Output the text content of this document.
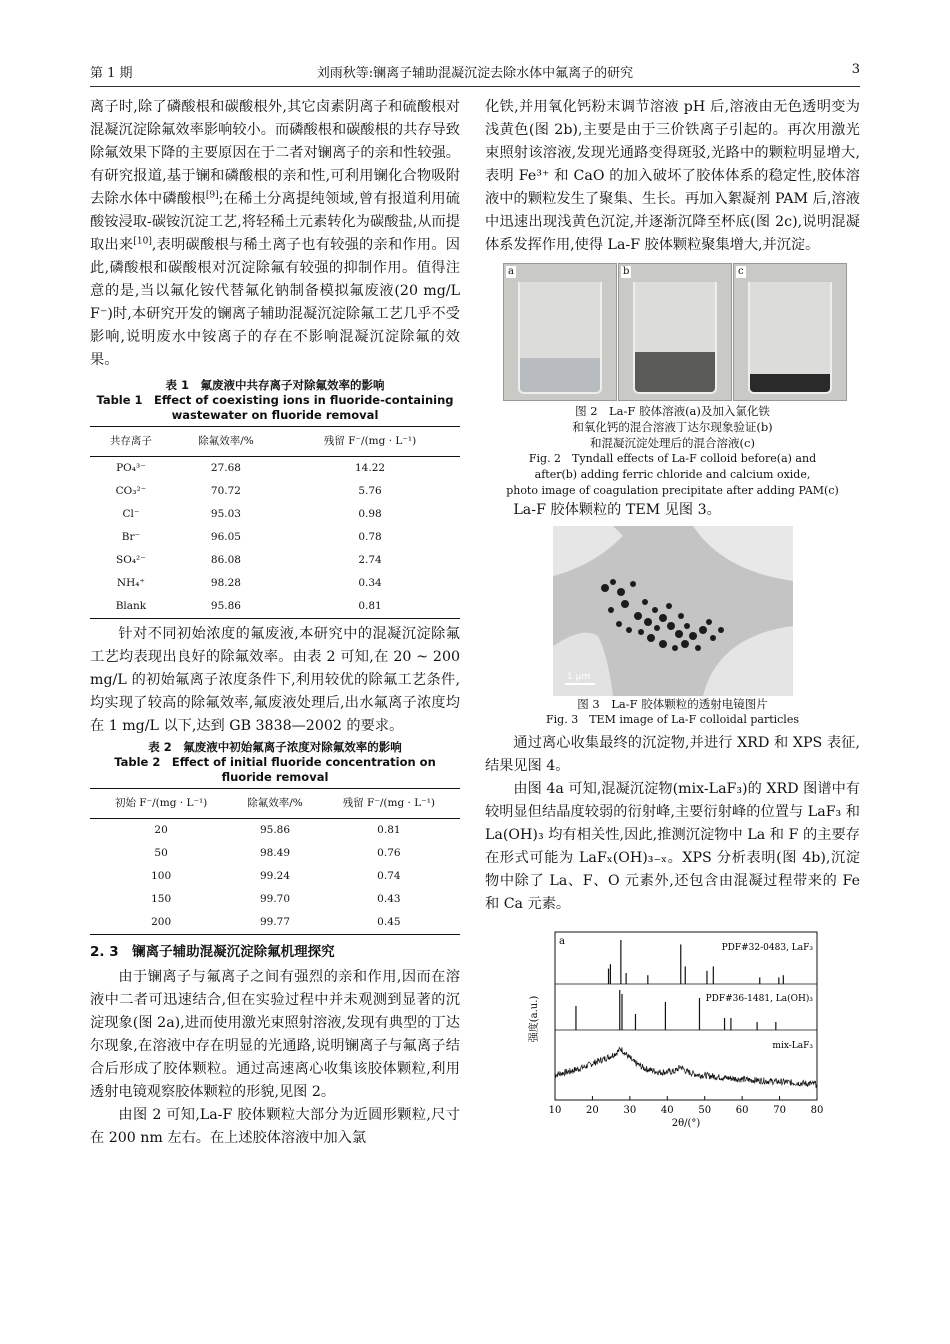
第 1 期	刘雨秋等:镧离子辅助混凝沉淀去除水体中氟离子的研究	3

离子时,除了磷酸根和碳酸根外,其它卤素阴离子和硫酸根对混凝沉淀除氟效率影响较小。而磷酸根和碳酸根的共存导致除氟效果下降的主要原因在于二者对镧离子的亲和性较强。有研究报道,基于镧和磷酸根的亲和性,可利用镧化合物吸附去除水体中磷酸根[9];在稀土分离提纯领域,曾有报道利用硫酸铵浸取-碳铵沉淀工艺,将轻稀土元素转化为碳酸盐,从而提取出来[10],表明碳酸根与稀土离子也有较强的亲和作用。因此,磷酸根和碳酸根对沉淀除氟有较强的抑制作用。值得注意的是,当以氟化铵代替氟化钠制备模拟氟废液(20 mg/L F⁻)时,本研究开发的镧离子辅助混凝沉淀除氟工艺几乎不受影响,说明废水中铵离子的存在不影响混凝沉淀除氟的效果。

表 1　氟废液中共存离子对除氟效率的影响
Table 1　Effect of coexisting ions in fluoride-containing wastewater on fluoride removal
共存离子	除氟效率/%	残留 F⁻/(mg · L⁻¹)
PO₄³⁻	27.68	14.22
CO₃²⁻	70.72	5.76
Cl⁻	95.03	0.98
Br⁻	96.05	0.78
SO₄²⁻	86.08	2.74
NH₄⁺	98.28	0.34
Blank	95.86	0.81

针对不同初始浓度的氟废液,本研究中的混凝沉淀除氟工艺均表现出良好的除氟效率。由表 2 可知,在 20 ~ 200 mg/L 的初始氟离子浓度条件下,利用较优的除氟工艺条件,均实现了较高的除氟效率,氟废液处理后,出水氟离子浓度均在 1 mg/L 以下,达到 GB 3838—2002 的要求。

表 2　氟废液中初始氟离子浓度对除氟效率的影响
Table 2　Effect of initial fluoride concentration on fluoride removal
初始 F⁻/(mg · L⁻¹)	除氟效率/%	残留 F⁻/(mg · L⁻¹)
20	95.86	0.81
50	98.49	0.76
100	99.24	0.74
150	99.70	0.43
200	99.77	0.45
2. 3　镧离子辅助混凝沉淀除氟机理探究

由于镧离子与氟离子之间有强烈的亲和作用,因而在溶液中二者可迅速结合,但在实验过程中并未观测到显著的沉淀现象(图 2a),进而使用激光束照射溶液,发现有典型的丁达尔现象,在溶液中存在明显的光通路,说明镧离子与氟离子结合后形成了胶体颗粒。通过高速离心收集该胶体颗粒,利用透射电镜观察胶体颗粒的形貌,见图 2。

由图 2 可知,La-F 胶体颗粒大部分为近圆形颗粒,尺寸在 200 nm 左右。在上述胶体溶液中加入氯

化铁,并用氧化钙粉末调节溶液 pH 后,溶液由无色透明变为浅黄色(图 2b),主要是由于三价铁离子引起的。再次用激光束照射该溶液,发现光通路变得斑驳,光路中的颗粒明显增大,表明 Fe³⁺ 和 CaO 的加入破坏了胶体体系的稳定性,胶体溶液中的颗粒发生了聚集、生长。再加入絮凝剂 PAM 后,溶液中迅速出现浅黄色沉淀,并逐渐沉降至杯底(图 2c),说明混凝体系发挥作用,使得 La-F 胶体颗粒聚集增大,并沉淀。

a	b	c
图 2　La-F 胶体溶液(a)及加入氯化铁
和氧化钙的混合溶液丁达尔现象验证(b)
和混凝沉淀处理后的混合溶液(c)
Fig. 2　Tyndall effects of La-F colloid before(a) and
after(b) adding ferric chloride and calcium oxide,
photo image of coagulation precipitate after adding PAM(c)

La-F 胶体颗粒的 TEM 见图 3。

1 μm
图 3　La-F 胶体颗粒的透射电镜图片
Fig. 3　TEM image of La-F colloidal particles

通过离心收集最终的沉淀物,并进行 XRD 和 XPS 表征,结果见图 4。

由图 4a 可知,混凝沉淀物(mix-LaF₃)的 XRD 图谱中有较明显但结晶度较弱的衍射峰,主要衍射峰的位置与 LaF₃ 和 La(OH)₃ 均有相关性,因此,推测沉淀物中 La 和 F 的主要存在形式可能为 LaFₓ(OH)₃₋ₓ。XPS 分析表明(图 4b),沉淀物中除了 La、F、O 元素外,还包含由混凝过程带来的 Fe 和 Ca 元素。

a
强度(a.u.)
2θ/(°)
PDF#32-0483, LaF₃
PDF#36-1481, La(OH)₃
mix-LaF₃
10 20 30 40 50 60 70 80
